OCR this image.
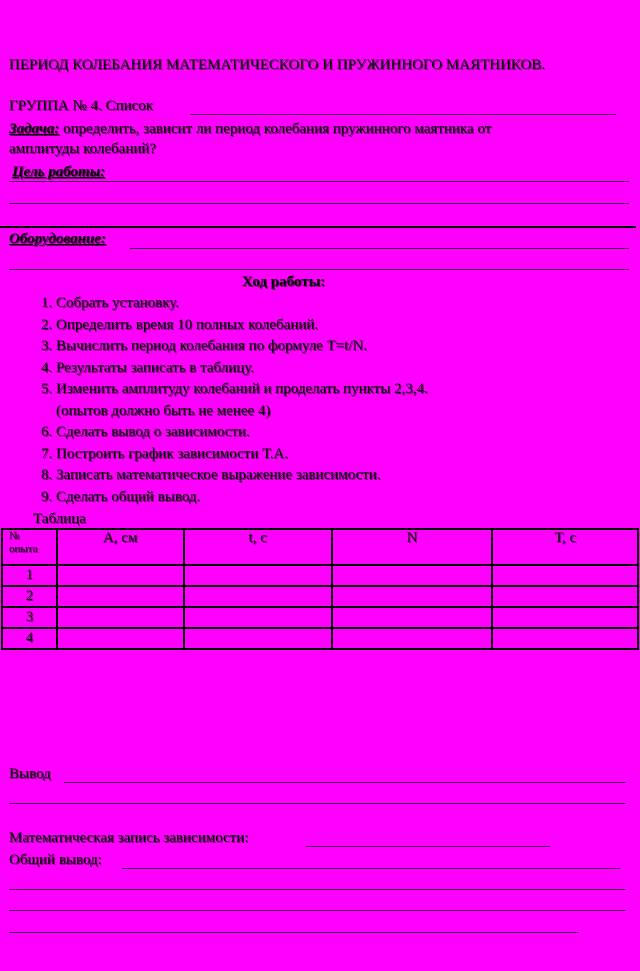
ПЕРИОД КОЛЕБАНИЯ МАТЕМАТИЧЕСКОГО И ПРУЖИННОГО МАЯТНИКОВ.
ГРУППА № 4. Список
Задача: определить, зависит ли период колебания пружинного маятника от
амплитуды колебаний?
Цель работы:
Оборудование:
Ход работы:
1. Собрать установку.
2. Определить время 10 полных колебаний.
3. Вычислить период колебания по формуле T=t/N.
4. Результаты записать в таблицу.
5. Изменить амплитуду колебаний и проделать пункты 2,3,4.
(опытов должно быть не менее 4)
6. Сделать вывод о зависимости.
7. Построить график зависимости Т.А.
8. Записать математическое выражение зависимости.
9. Сделать общий вывод.
Таблица
№
опыта	А, см	t, с	N	Т, с
1				
2				
3				
4				
Вывод
Математическая запись зависимости:
Общий вывод:
